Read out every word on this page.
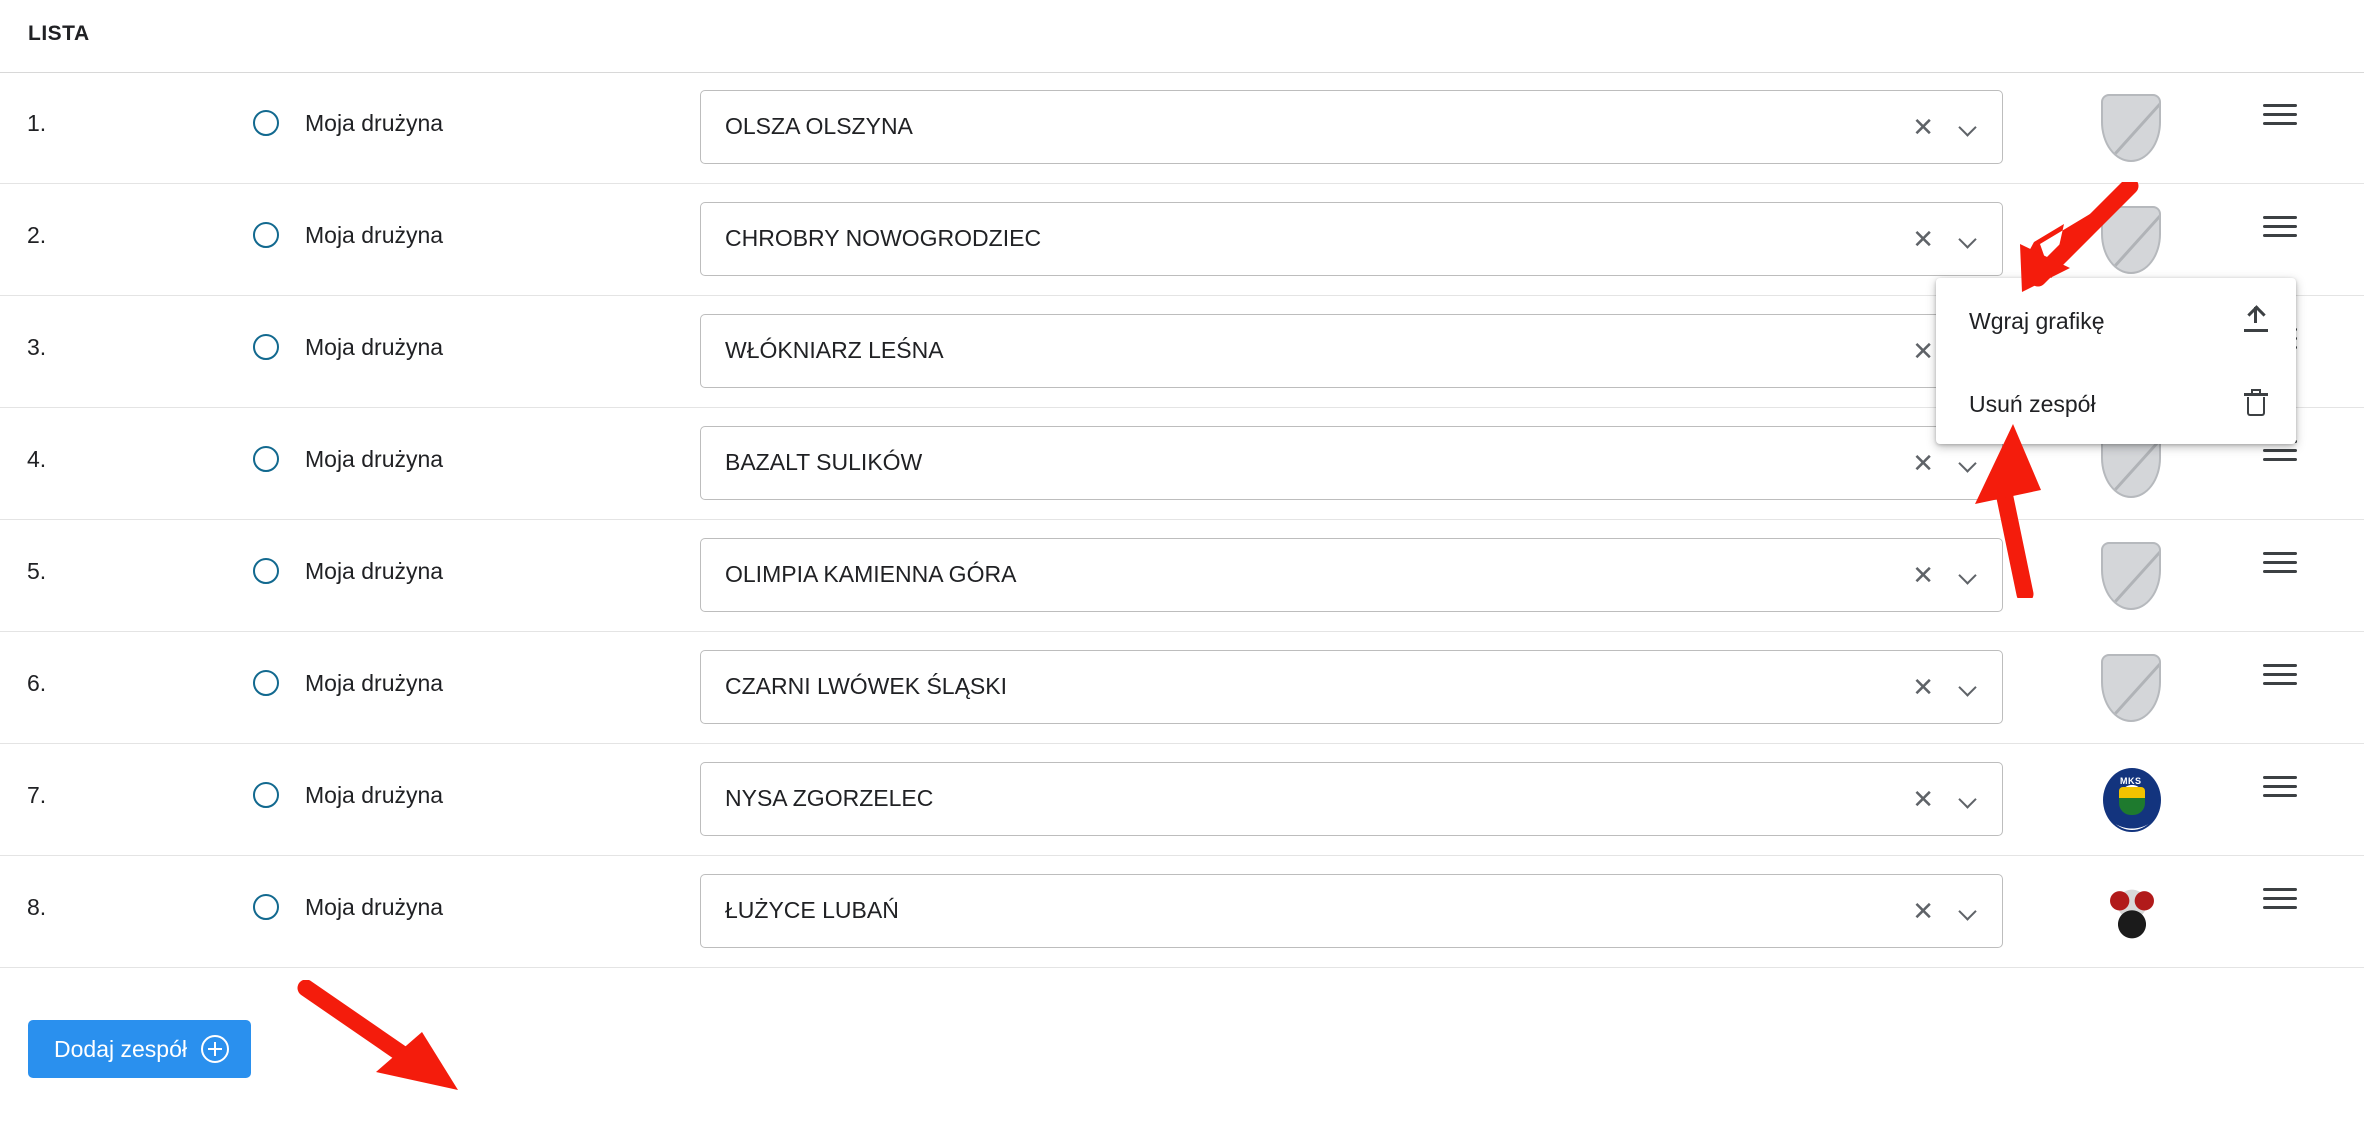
LISTA
1.	Moja drużyna	OLSZA OLSZYNA	✕
2.	Moja drużyna	CHROBRY NOWOGRODZIEC	✕
3.	Moja drużyna	WŁÓKNIARZ LEŚNA	✕
4.	Moja drużyna	BAZALT SULIKÓW	✕
5.	Moja drużyna	OLIMPIA KAMIENNA GÓRA	✕
6.	Moja drużyna	CZARNI LWÓWEK ŚLĄSKI	✕
7.	Moja drużyna	NYSA ZGORZELEC	✕
MKS
8.	Moja drużyna	ŁUŻYCE LUBAŃ	✕
Wgraj grafikę
Usuń zespół
Dodaj zespół
